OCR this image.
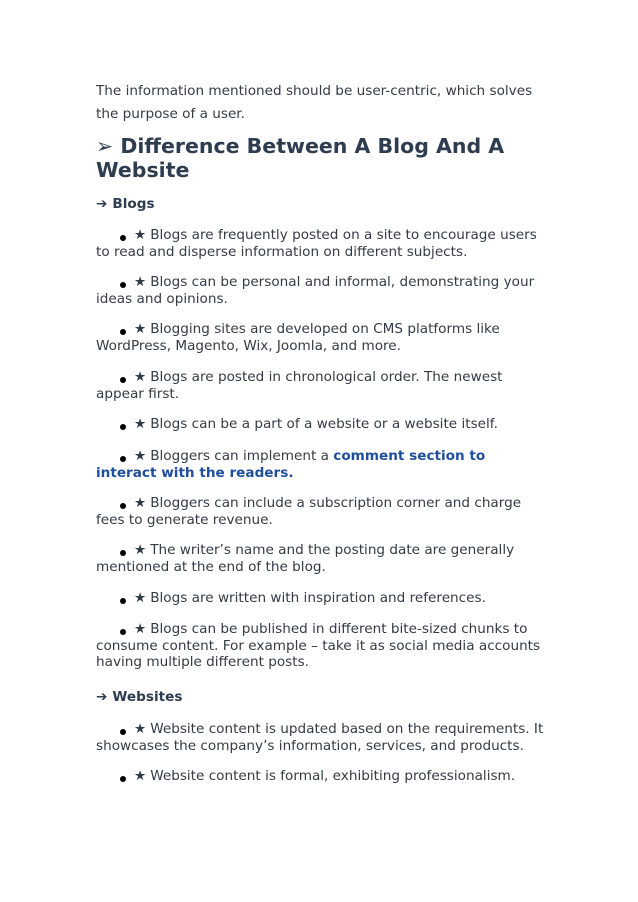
The information mentioned should be user-centric, which solves the purpose of a user.

➢ Difference Between A Blog And A Website

➔ Blogs

★ Blogs are frequently posted on a site to encourage users to read and disperse information on different subjects.
★ Blogs can be personal and informal, demonstrating your ideas and opinions.
★ Blogging sites are developed on CMS platforms like WordPress, Magento, Wix, Joomla, and more.
★ Blogs are posted in chronological order. The newest appear first.
★ Blogs can be a part of a website or a website itself.
★ Bloggers can implement a comment section to interact with the readers.
★ Bloggers can include a subscription corner and charge fees to generate revenue.
★ The writer’s name and the posting date are generally mentioned at the end of the blog.
★ Blogs are written with inspiration and references.
★ Blogs can be published in different bite-sized chunks to consume content. For example – take it as social media accounts having multiple different posts.

➔ Websites

★ Website content is updated based on the requirements. It showcases the company’s information, services, and products.
★ Website content is formal, exhibiting professionalism.
